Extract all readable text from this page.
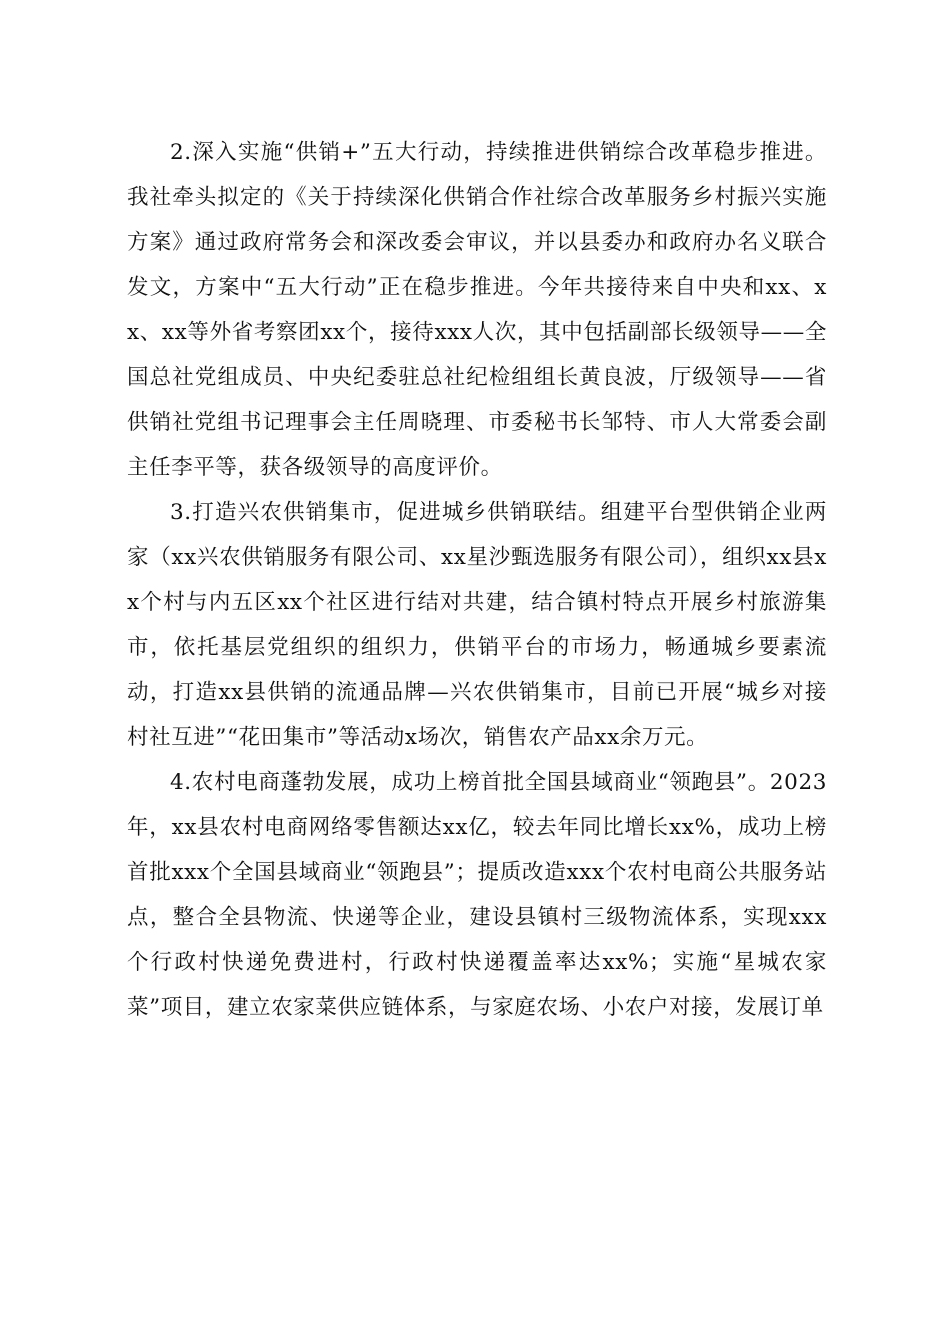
2.深入实施“供销+”五大行动，持续推进供销综合改革稳步推进。我社牵头拟定的《关于持续深化供销合作社综合改革服务乡村振兴实施方案》通过政府常务会和深改委会审议，并以县委办和政府办名义联合发文，方案中“五大行动”正在稳步推进。今年共接待来自中央和xx、xx、xx等外省考察团xx个，接待xxx人次，其中包括副部长级领导——全国总社党组成员、中央纪委驻总社纪检组组长黄良波，厅级领导——省供销社党组书记理事会主任周晓理、市委秘书长邹特、市人大常委会副主任李平等，获各级领导的高度评价。

3.打造兴农供销集市，促进城乡供销联结。组建平台型供销企业两家（xx兴农供销服务有限公司、xx星沙甄选服务有限公司），组织xx县xx个村与内五区xx个社区进行结对共建，结合镇村特点开展乡村旅游集市，依托基层党组织的组织力，供销平台的市场力，畅通城乡要素流动，打造xx县供销的流通品牌—兴农供销集市，目前已开展“城乡对接村社互进”“花田集市”等活动x场次，销售农产品xx余万元。

4.农村电商蓬勃发展，成功上榜首批全国县域商业“领跑县”。2023年，xx县农村电商网络零售额达xx亿，较去年同比增长xx%，成功上榜首批xxx个全国县域商业“领跑县”；提质改造xxx个农村电商公共服务站点，整合全县物流、快递等企业，建设县镇村三级物流体系，实现xxx个行政村快递免费进村，行政村快递覆盖率达xx%；实施“星城农家菜”项目，建立农家菜供应链体系，与家庭农场、小农户对接，发展订单
